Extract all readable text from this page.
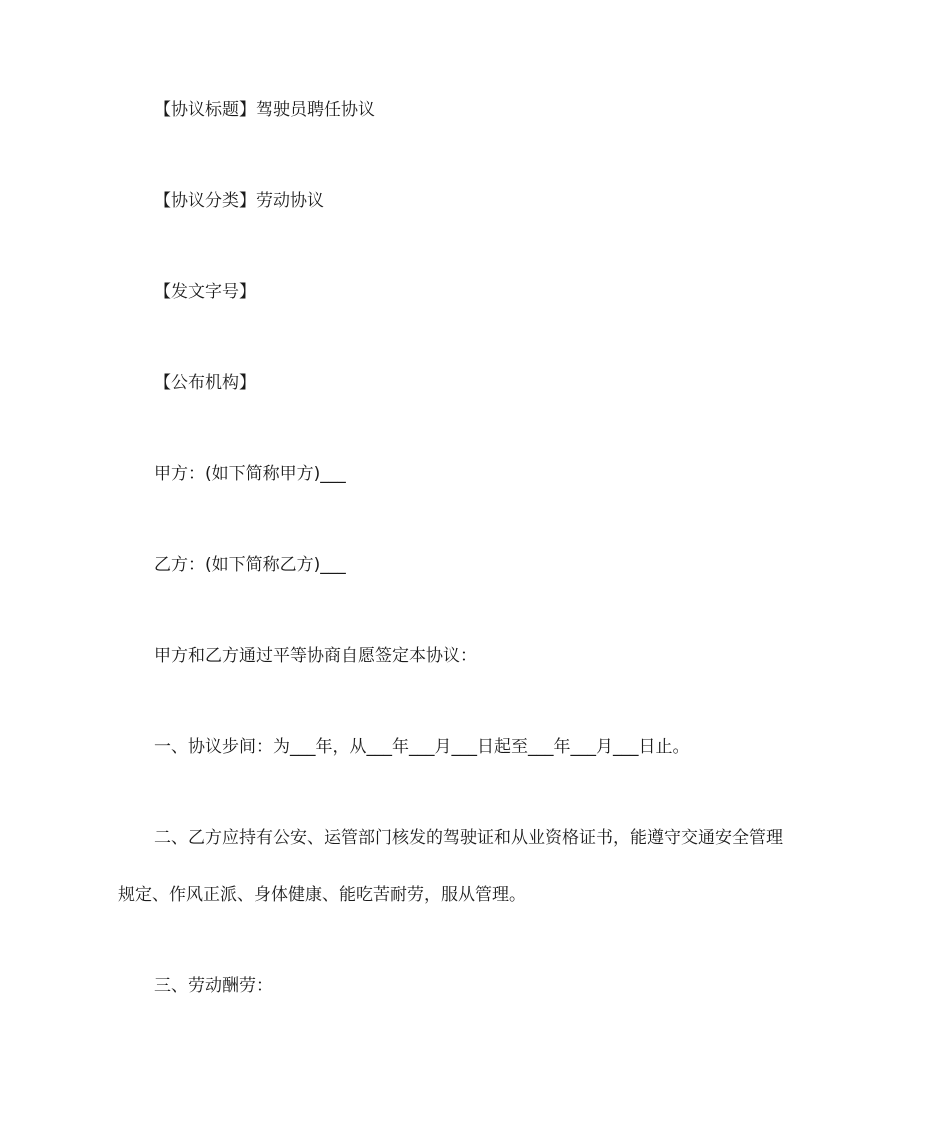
【协议标题】驾驶员聘任协议
【协议分类】劳动协议
【发文字号】
【公布机构】
甲方：(如下简称甲方)___
乙方：(如下简称乙方)___
甲方和乙方通过平等协商自愿签定本协议：
一、协议步间：为___年，从___年___月___日起至___年___月___日止。
二、乙方应持有公安、运管部门核发的驾驶证和从业资格证书，能遵守交通安全管理
规定、作风正派、身体健康、能吃苦耐劳，服从管理。
三、劳动酬劳：
